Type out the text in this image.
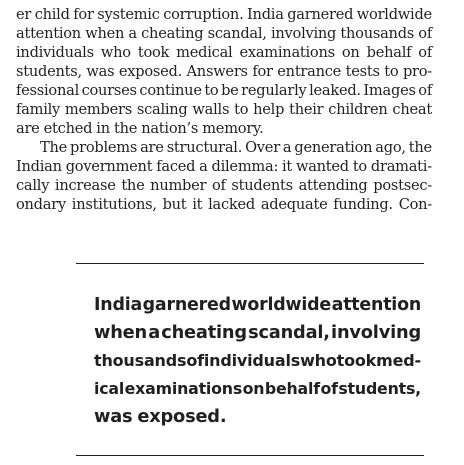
er child for systemic corruption. India garnered worldwide
attention when a cheating scandal, involving thousands of
individuals who took medical examinations on behalf of
students, was exposed. Answers for entrance tests to pro-
fessional courses continue to be regularly leaked. Images of
family members scaling walls to help their children cheat
are etched in the nation’s memory.
The problems are structural. Over a generation ago, the
Indian government faced a dilemma: it wanted to dramati-
cally increase the number of students attending postsec-
ondary institutions, but it lacked adequate funding. Con-
India garnered worldwide attention
when a cheating scandal, involving
thousands of individuals who took med-
ical examinations on behalf of students,
was exposed.
